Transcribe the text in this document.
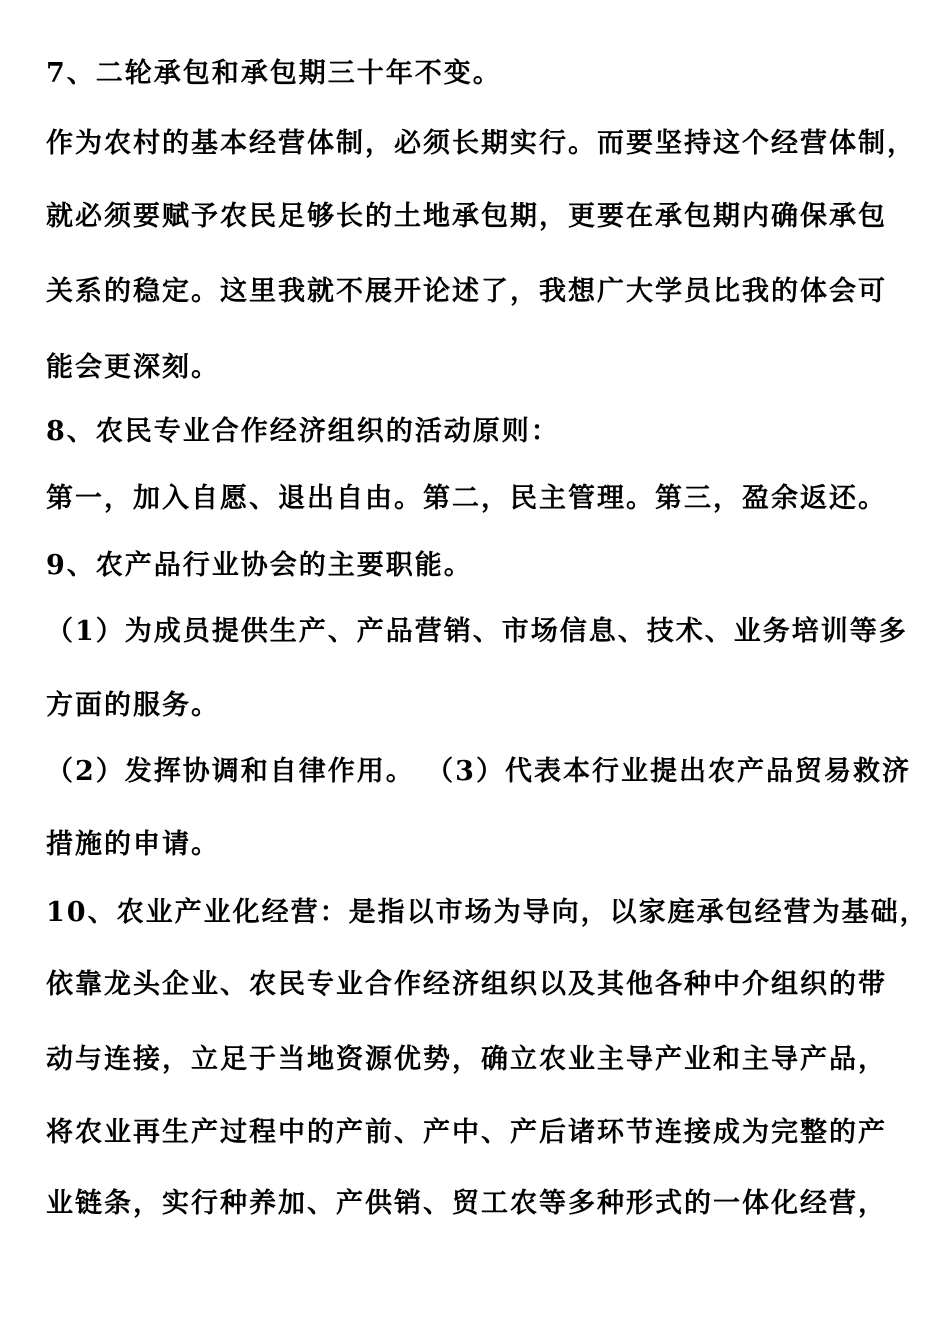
7、二轮承包和承包期三十年不变。
作为农村的基本经营体制，必须长期实行。而要坚持这个经营体制，
就必须要赋予农民足够长的土地承包期，更要在承包期内确保承包
关系的稳定。这里我就不展开论述了，我想广大学员比我的体会可
能会更深刻。
8、农民专业合作经济组织的活动原则：
第一，加入自愿、退出自由。第二，民主管理。第三，盈余返还。
9、农产品行业协会的主要职能。
（1）为成员提供生产、产品营销、市场信息、技术、业务培训等多
方面的服务。
（2）发挥协调和自律作用。 （3）代表本行业提出农产品贸易救济
措施的申请。
10、农业产业化经营：是指以市场为导向，以家庭承包经营为基础，
依靠龙头企业、农民专业合作经济组织以及其他各种中介组织的带
动与连接，立足于当地资源优势，确立农业主导产业和主导产品，
将农业再生产过程中的产前、产中、产后诸环节连接成为完整的产
业链条，实行种养加、产供销、贸工农等多种形式的一体化经营，
